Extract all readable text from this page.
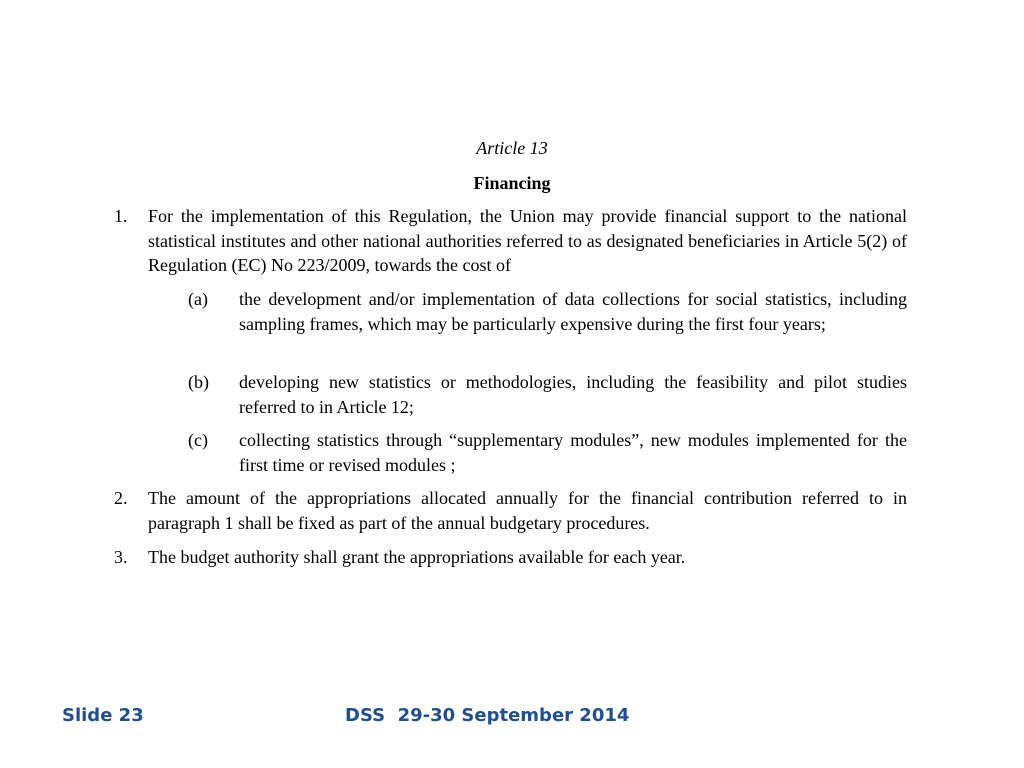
Article 13
Financing
1.	For the implementation of this Regulation, the Union may provide financial support to the national statistical institutes and other national authorities referred to as designated beneficiaries in Article 5(2) of Regulation (EC) No 223/2009, towards the cost of
(a)	the development and/or implementation of data collections for social statistics, including sampling frames, which may be particularly expensive during the first four years;
(b)	developing new statistics or methodologies, including the feasibility and pilot studies referred to in Article 12;
(c)	collecting statistics through “supplementary modules”, new modules implemented for the first time or revised modules ;
2.	The amount of the appropriations allocated annually for the financial contribution referred to in paragraph 1 shall be fixed as part of the annual budgetary procedures.
3.	The budget authority shall grant the appropriations available for each year.
Slide 23	DSS  29-30 September 2014
